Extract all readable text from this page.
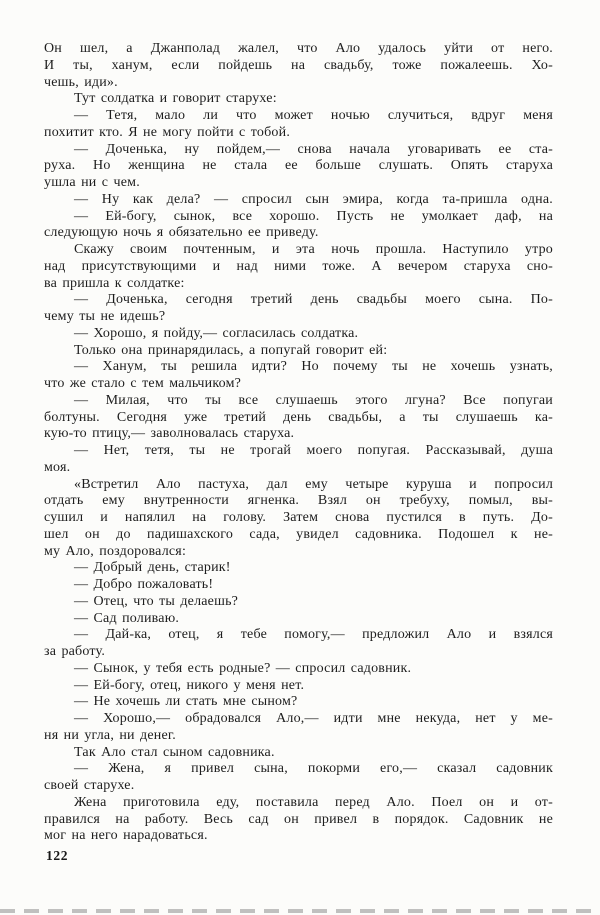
Он шел, а Джанполад жалел, что Ало удалось уйти от него.
И ты, ханум, если пойдешь на свадьбу, тоже пожалеешь. Хо-
чешь, иди».
Тут солдатка и говорит старухе:
— Тетя, мало ли что может ночью случиться, вдруг меня
похитит кто. Я не могу пойти с тобой.
— Доченька, ну пойдем,— снова начала уговаривать ее ста-
руха. Но женщина не стала ее больше слушать. Опять старуха
ушла ни с чем.
— Ну как дела? — спросил сын эмира, когда та-пришла одна.
— Ей-богу, сынок, все хорошо. Пусть не умолкает даф, на
следующую ночь я обязательно ее приведу.
Скажу своим почтенным, и эта ночь прошла. Наступило утро
над присутствующими и над ними тоже. А вечером старуха сно-
ва пришла к солдатке:
— Доченька, сегодня третий день свадьбы моего сына. По-
чему ты не идешь?
— Хорошо, я пойду,— согласилась солдатка.
Только она принарядилась, а попугай говорит ей:
— Ханум, ты решила идти? Но почему ты не хочешь узнать,
что же стало с тем мальчиком?
— Милая, что ты все слушаешь этого лгуна? Все попугаи
болтуны. Сегодня уже третий день свадьбы, а ты слушаешь ка-
кую-то птицу,— заволновалась старуха.
— Нет, тетя, ты не трогай моего попугая. Рассказывай, душа
моя.
«Встретил Ало пастуха, дал ему четыре куруша и попросил
отдать ему внутренности ягненка. Взял он требуху, помыл, вы-
сушил и напялил на голову. Затем снова пустился в путь. До-
шел он до падишахского сада, увидел садовника. Подошел к не-
му Ало, поздоровался:
— Добрый день, старик!
— Добро пожаловать!
— Отец, что ты делаешь?
— Сад поливаю.
— Дай-ка, отец, я тебе помогу,— предложил Ало и взялся
за работу.
— Сынок, у тебя есть родные? — спросил садовник.
— Ей-богу, отец, никого у меня нет.
— Не хочешь ли стать мне сыном?
— Хорошо,— обрадовался Ало,— идти мне некуда, нет у ме-
ня ни угла, ни денег.
Так Ало стал сыном садовника.
— Жена, я привел сына, покорми его,— сказал садовник
своей старухе.
Жена приготовила еду, поставила перед Ало. Поел он и от-
правился на работу. Весь сад он привел в порядок. Садовник не
мог на него нарадоваться.
122
